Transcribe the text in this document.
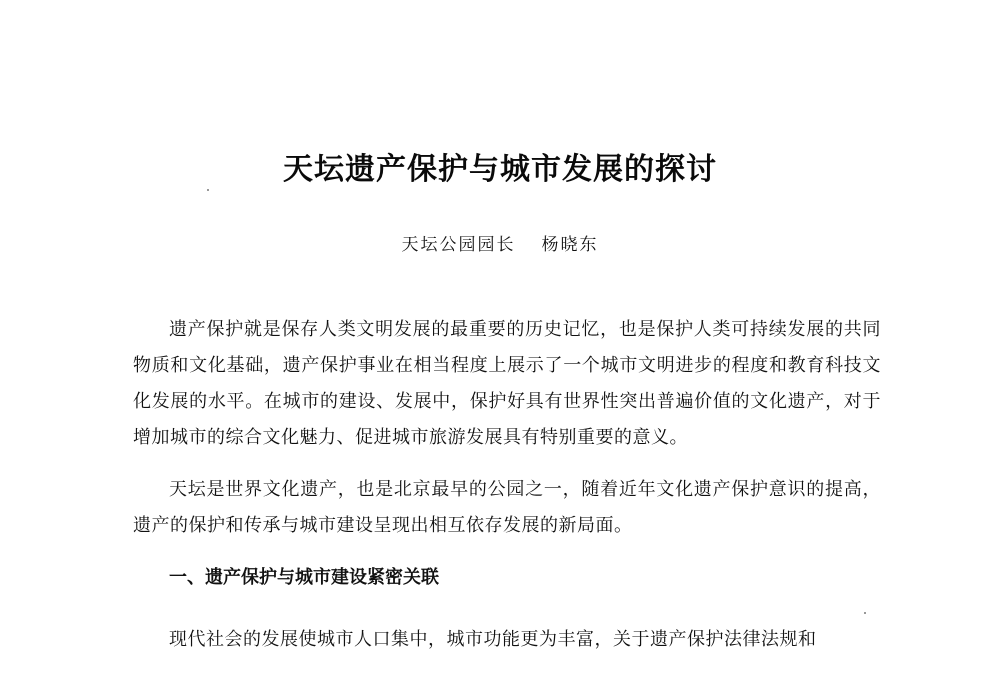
天坛遗产保护与城市发展的探讨
天坛公园园长 杨晓东

遗产保护就是保存人类文明发展的最重要的历史记忆，也是保护人类可持续发展的共同物质和文化基础，遗产保护事业在相当程度上展示了一个城市文明进步的程度和教育科技文化发展的水平。在城市的建设、发展中，保护好具有世界性突出普遍价值的文化遗产，对于增加城市的综合文化魅力、促进城市旅游发展具有特别重要的意义。

天坛是世界文化遗产，也是北京最早的公园之一，随着近年文化遗产保护意识的提高，遗产的保护和传承与城市建设呈现出相互依存发展的新局面。

一、遗产保护与城市建设紧密关联

现代社会的发展使城市人口集中，城市功能更为丰富，关于遗产保护法律法规和
